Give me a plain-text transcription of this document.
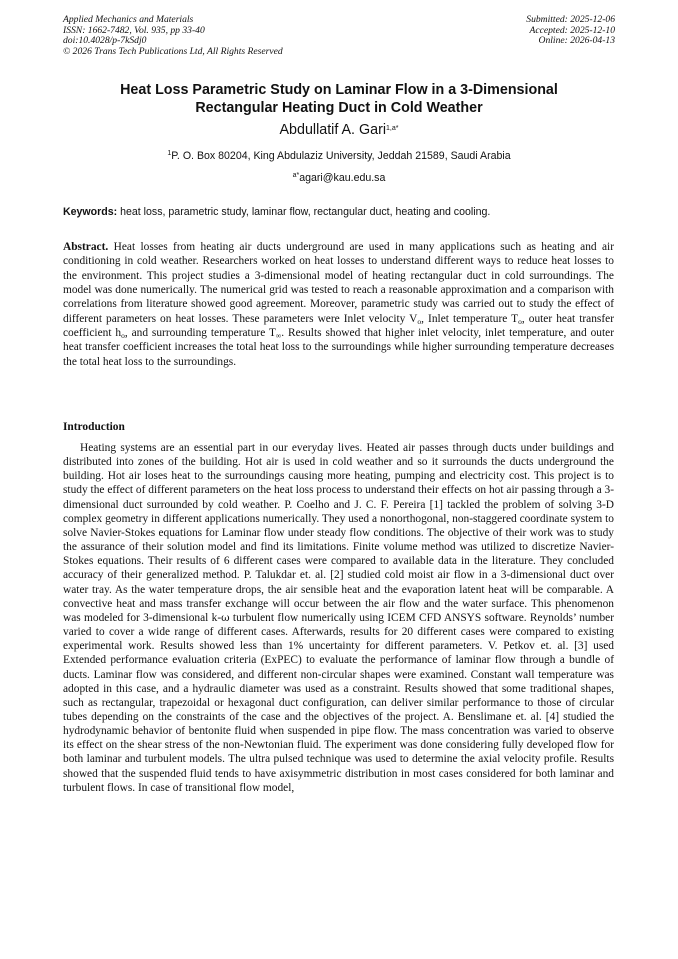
Applied Mechanics and Materials
ISSN: 1662-7482, Vol. 935, pp 33-40
doi:10.4028/p-7kSdj0
© 2026 Trans Tech Publications Ltd, All Rights Reserved
Submitted: 2025-12-06
Accepted: 2025-12-10
Online: 2026-04-13
Heat Loss Parametric Study on Laminar Flow in a 3-Dimensional
Rectangular Heating Duct in Cold Weather
Abdullatif A. Gari$^{1,a*}$
$^1$P. O. Box 80204, King Abdulaziz University, Jeddah 21589, Saudi Arabia
$^{a*}$agari@kau.edu.sa
Keywords: heat loss, parametric study, laminar flow, rectangular duct, heating and cooling.
Abstract. Heat losses from heating air ducts underground are used in many applications such as heating and air conditioning in cold weather. Researchers worked on heat losses to understand different ways to reduce heat losses to the environment. This project studies a 3-dimensional model of heating rectangular duct in cold surroundings. The model was done numerically. The numerical grid was tested to reach a reasonable approximation and a comparison with correlations from literature showed good agreement. Moreover, parametric study was carried out to study the effect of different parameters on heat losses. These parameters were Inlet velocity $V_o$, Inlet temperature $T_o$, outer heat transfer coefficient $h_o$, and surrounding temperature $T_\infty$. Results showed that higher inlet velocity, inlet temperature, and outer heat transfer coefficient increases the total heat loss to the surroundings while higher surrounding temperature decreases the total heat loss to the surroundings.
Introduction
Heating systems are an essential part in our everyday lives. Heated air passes through ducts under buildings and distributed into zones of the building. Hot air is used in cold weather and so it surrounds the ducts underground the building. Hot air loses heat to the surroundings causing more heating, pumping and electricity cost. This project is to study the effect of different parameters on the heat loss process to understand their effects on hot air passing through a 3-dimensional duct surrounded by cold weather. P. Coelho and J. C. F. Pereira [1] tackled the problem of solving 3-D complex geometry in different applications numerically. They used a nonorthogonal, non-staggered coordinate system to solve Navier-Stokes equations for Laminar flow under steady flow conditions. The objective of their work was to study the assurance of their solution model and find its limitations. Finite volume method was utilized to discretize Navier-Stokes equations. Their results of 6 different cases were compared to available data in the literature. They concluded accuracy of their generalized method. P. Talukdar et. al. [2] studied cold moist air flow in a 3-dimensional duct over water tray. As the water temperature drops, the air sensible heat and the evaporation latent heat will be comparable. A convective heat and mass transfer exchange will occur between the air flow and the water surface. This phenomenon was modeled for 3-dimensional k-ω turbulent flow numerically using ICEM CFD ANSYS software. Reynolds’ number varied to cover a wide range of different cases. Afterwards, results for 20 different cases were compared to existing experimental work. Results showed less than 1% uncertainty for different parameters. V. Petkov et. al. [3] used Extended performance evaluation criteria (ExPEC) to evaluate the performance of laminar flow through a bundle of ducts. Laminar flow was considered, and different non-circular shapes were examined. Constant wall temperature was adopted in this case, and a hydraulic diameter was used as a constraint. Results showed that some traditional shapes, such as rectangular, trapezoidal or hexagonal duct configuration, can deliver similar performance to those of circular tubes depending on the constraints of the case and the objectives of the project. A. Benslimane et. al. [4] studied the hydrodynamic behavior of bentonite fluid when suspended in pipe flow. The mass concentration was varied to observe its effect on the shear stress of the non-Newtonian fluid. The experiment was done considering fully developed flow for both laminar and turbulent models. The ultra pulsed technique was used to determine the axial velocity profile. Results showed that the suspended fluid tends to have axisymmetric distribution in most cases considered for both laminar and turbulent flows. In case of transitional flow model,
